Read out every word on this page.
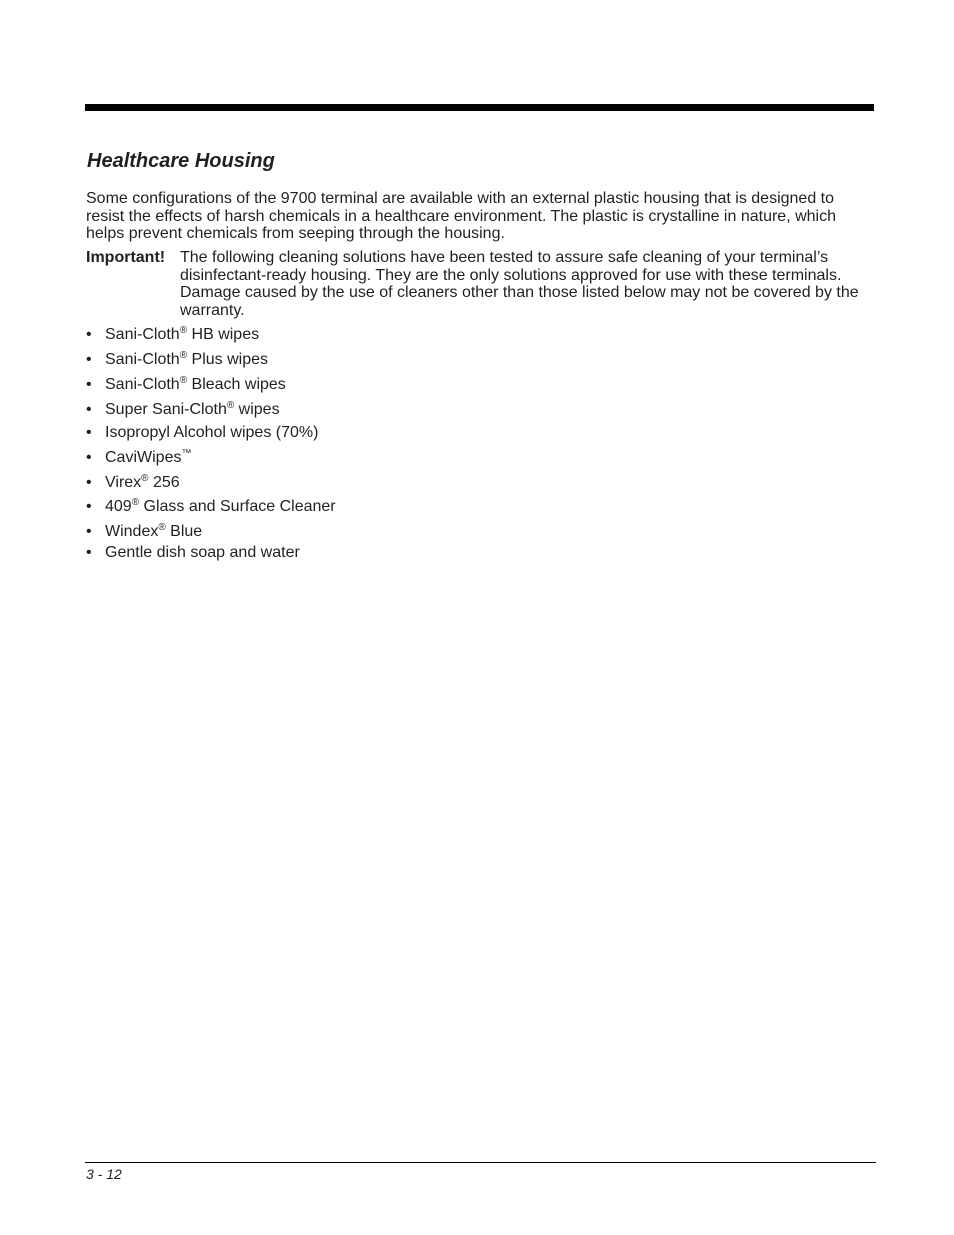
Healthcare Housing

Some configurations of the 9700 terminal are available with an external plastic housing that is designed to resist the effects of harsh chemicals in a healthcare environment. The plastic is crystalline in nature, which helps prevent chemicals from seeping through the housing.

Important! The following cleaning solutions have been tested to assure safe cleaning of your terminal’s disinfectant-ready housing. They are the only solutions approved for use with these terminals. Damage caused by the use of cleaners other than those listed below may not be covered by the warranty.

• Sani-Cloth® HB wipes
• Sani-Cloth® Plus wipes
• Sani-Cloth® Bleach wipes
• Super Sani-Cloth® wipes
• Isopropyl Alcohol wipes (70%)
• CaviWipes™
• Virex® 256
• 409® Glass and Surface Cleaner
• Windex® Blue
• Gentle dish soap and water
3 - 12
